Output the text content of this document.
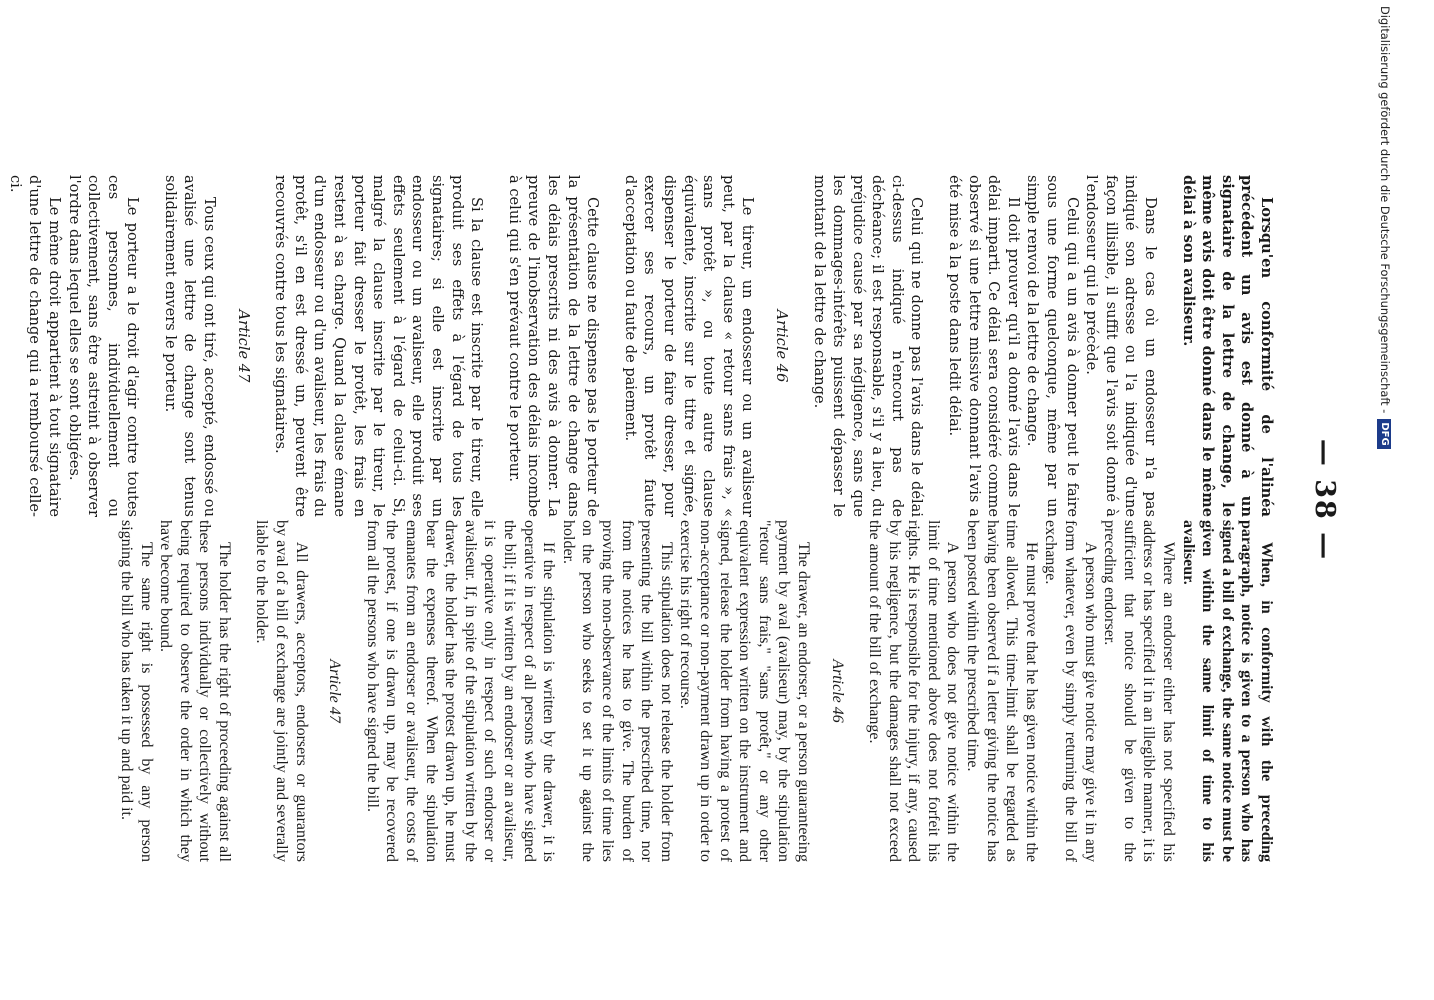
— 38 —

Lorsqu'en conformité de l'alinéa précédent un avis est donné à un signataire de la lettre de change, le même avis doit être donné dans le même délai à son avaliseur.

Dans le cas où un endosseur n'a pas indiqué son adresse ou l'a indiquée d'une façon illisible, il suffit que l'avis soit donné à l'endosseur qui le précède.

Celui qui a un avis à donner peut le faire sous une forme quelconque, même par un simple renvoi de la lettre de change.

Il doit prouver qu'il a donné l'avis dans le délai imparti. Ce délai sera considéré comme observé si une lettre missive donnant l'avis a été mise à la poste dans ledit délai.

Celui qui ne donne pas l'avis dans le délai ci-dessus indiqué n'encourt pas de déchéance; il est responsable, s'il y a lieu, du préjudice causé par sa négligence, sans que les dommages-intérêts puissent dépasser le montant de la lettre de change.

Article 46

Le tireur, un endosseur ou un avaliseur peut, par la clause « retour sans frais », « sans protêt », ou toute autre clause équivalente, inscrite sur le titre et signée, dispenser le porteur de faire dresser, pour exercer ses recours, un protêt faute d'acceptation ou faute de paiement.

Cette clause ne dispense pas le porteur de la présentation de la lettre de change dans les délais prescrits ni des avis à donner. La preuve de l'inobservation des délais incombe à celui qui s'en prévaut contre le porteur.

Si la clause est inscrite par le tireur, elle produit ses effets à l'égard de tous les signataires; si elle est inscrite par un endosseur ou un avaliseur, elle produit ses effets seulement à l'égard de celui-ci. Si, malgré la clause inscrite par le tireur, le porteur fait dresser le protêt, les frais en restent à sa charge. Quand la clause émane d'un endosseur ou d'un avaliseur, les frais du protêt, s'il en est dressé un, peuvent être recouvrés contre tous les signataires.

Article 47

Tous ceux qui ont tiré, accepté, endossé ou avalisé une lettre de change sont tenus solidairement envers le porteur.

Le porteur a le droit d'agir contre toutes ces personnes, individuellement ou collectivement, sans être astreint à observer l'ordre dans lequel elles se sont obligées.

Le même droit appartient à tout signataire d'une lettre de change qui a remboursé celle-ci.

When, in conformity with the preceding paragraph, notice is given to a person who has signed a bill of exchange, the same notice must be given within the same limit of time to his avaliseur.

Where an endorser either has not specified his address or has specified it in an illegible manner, it is sufficient that notice should be given to the preceding endorser.

A person who must give notice may give it in any form whatever, even by simply returning the bill of exchange.

He must prove that he has given notice within the time allowed. This time-limit shall be regarded as having been observed if a letter giving the notice has been posted within the prescribed time.

A person who does not give notice within the limit of time mentioned above does not forfeit his rights. He is responsible for the injury, if any, caused by his negligence, but the damages shall not exceed the amount of the bill of exchange.

Article 46

The drawer, an endorser, or a person guaranteeing payment by aval (avaliseur) may, by the stipulation "retour sans frais," "sans protêt," or any other equivalent expression written on the instrument and signed, release the holder from having a protest of non-acceptance or non-payment drawn up in order to exercise his right of recourse.

This stipulation does not release the holder from presenting the bill within the prescribed time, nor from the notices he has to give. The burden of proving the non-observance of the limits of time lies on the person who seeks to set it up against the holder.

If the stipulation is written by the drawer, it is operative in respect of all persons who have signed the bill; if it is written by an endorser or an avaliseur, it is operative only in respect of such endorser or avaliseur. If, in spite of the stipulation written by the drawer, the holder has the protest drawn up, he must bear the expenses thereof. When the stipulation emanates from an endorser or avaliseur, the costs of the protest, if one is drawn up, may be recovered from all the persons who have signed the bill.

Article 47

All drawers, acceptors, endorsers or guarantors by aval of a bill of exchange are jointly and severally liable to the holder.

The holder has the right of proceeding against all these persons individually or collectively without being required to observe the order in which they have become bound.

The same right is possessed by any person signing the bill who has taken it up and paid it.

Digitalisierung gefördert durch die Deutsche Forschungsgemeinschaft -DFG
